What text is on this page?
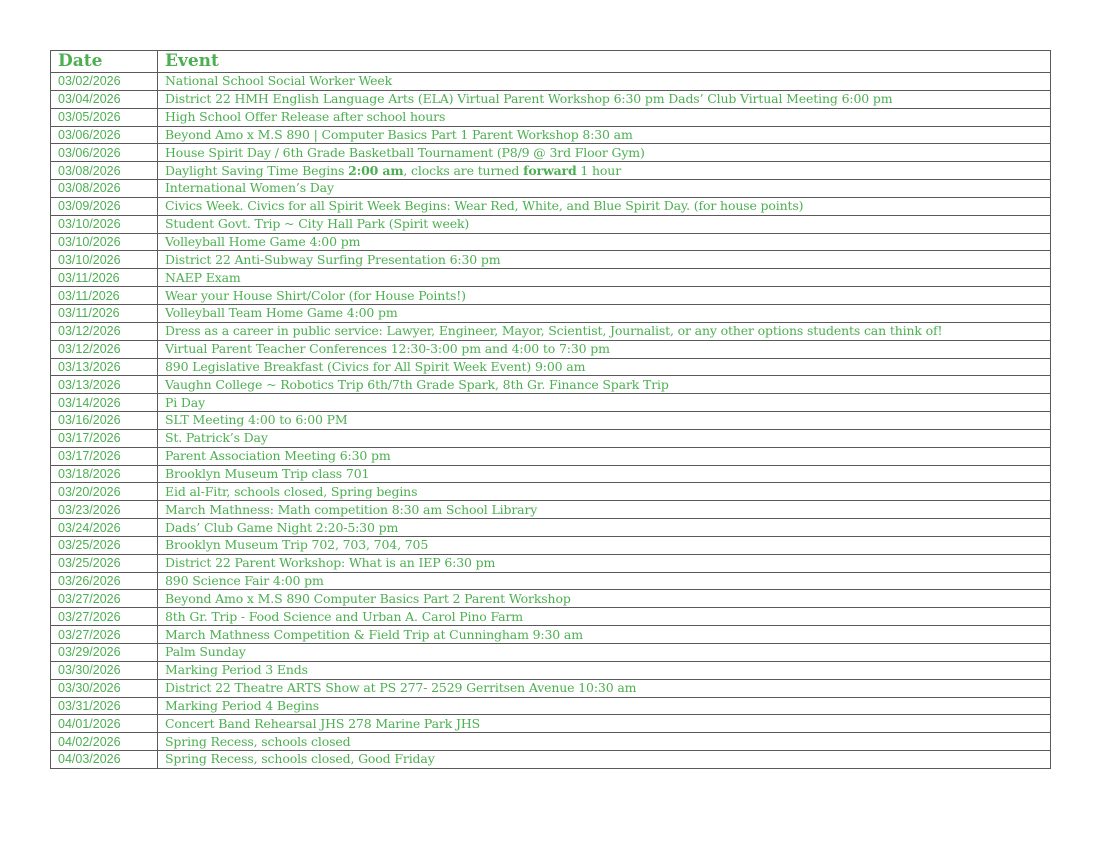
Date	Event
03/02/2026	National School Social Worker Week
03/04/2026	District 22 HMH English Language Arts (ELA) Virtual Parent Workshop 6:30 pm Dads’ Club Virtual Meeting 6:00 pm
03/05/2026	High School Offer Release after school hours
03/06/2026	Beyond Amo x M.S 890 | Computer Basics Part 1 Parent Workshop 8:30 am
03/06/2026	House Spirit Day / 6th Grade Basketball Tournament (P8/9 @ 3rd Floor Gym)
03/08/2026	Daylight Saving Time Begins 2:00 am, clocks are turned forward 1 hour
03/08/2026	International Women’s Day
03/09/2026	Civics Week. Civics for all Spirit Week Begins: Wear Red, White, and Blue Spirit Day. (for house points)
03/10/2026	Student Govt. Trip ~ City Hall Park (Spirit week)
03/10/2026	Volleyball Home Game 4:00 pm
03/10/2026	District 22 Anti-Subway Surfing Presentation 6:30 pm
03/11/2026	NAEP Exam
03/11/2026	Wear your House Shirt/Color (for House Points!)
03/11/2026	Volleyball Team Home Game 4:00 pm
03/12/2026	Dress as a career in public service: Lawyer, Engineer, Mayor, Scientist, Journalist, or any other options students can think of!
03/12/2026	Virtual Parent Teacher Conferences 12:30-3:00 pm and 4:00 to 7:30 pm
03/13/2026	890 Legislative Breakfast (Civics for All Spirit Week Event) 9:00 am
03/13/2026	Vaughn College ~ Robotics Trip 6th/7th Grade Spark, 8th Gr. Finance Spark Trip
03/14/2026	Pi Day
03/16/2026	SLT Meeting 4:00 to 6:00 PM
03/17/2026	St. Patrick’s Day
03/17/2026	Parent Association Meeting 6:30 pm
03/18/2026	Brooklyn Museum Trip class 701
03/20/2026	Eid al-Fitr, schools closed, Spring begins
03/23/2026	March Mathness: Math competition 8:30 am School Library
03/24/2026	Dads’ Club Game Night 2:20-5:30 pm
03/25/2026	Brooklyn Museum Trip 702, 703, 704, 705
03/25/2026	District 22 Parent Workshop: What is an IEP 6:30 pm
03/26/2026	890 Science Fair 4:00 pm
03/27/2026	Beyond Amo x M.S 890 Computer Basics Part 2 Parent Workshop
03/27/2026	8th Gr. Trip - Food Science and Urban A. Carol Pino Farm
03/27/2026	March Mathness Competition & Field Trip at Cunningham 9:30 am
03/29/2026	Palm Sunday
03/30/2026	Marking Period 3 Ends
03/30/2026	District 22 Theatre ARTS Show at PS 277- 2529 Gerritsen Avenue 10:30 am
03/31/2026	Marking Period 4 Begins
04/01/2026	Concert Band Rehearsal JHS 278 Marine Park JHS
04/02/2026	Spring Recess, schools closed
04/03/2026	Spring Recess, schools closed, Good Friday
